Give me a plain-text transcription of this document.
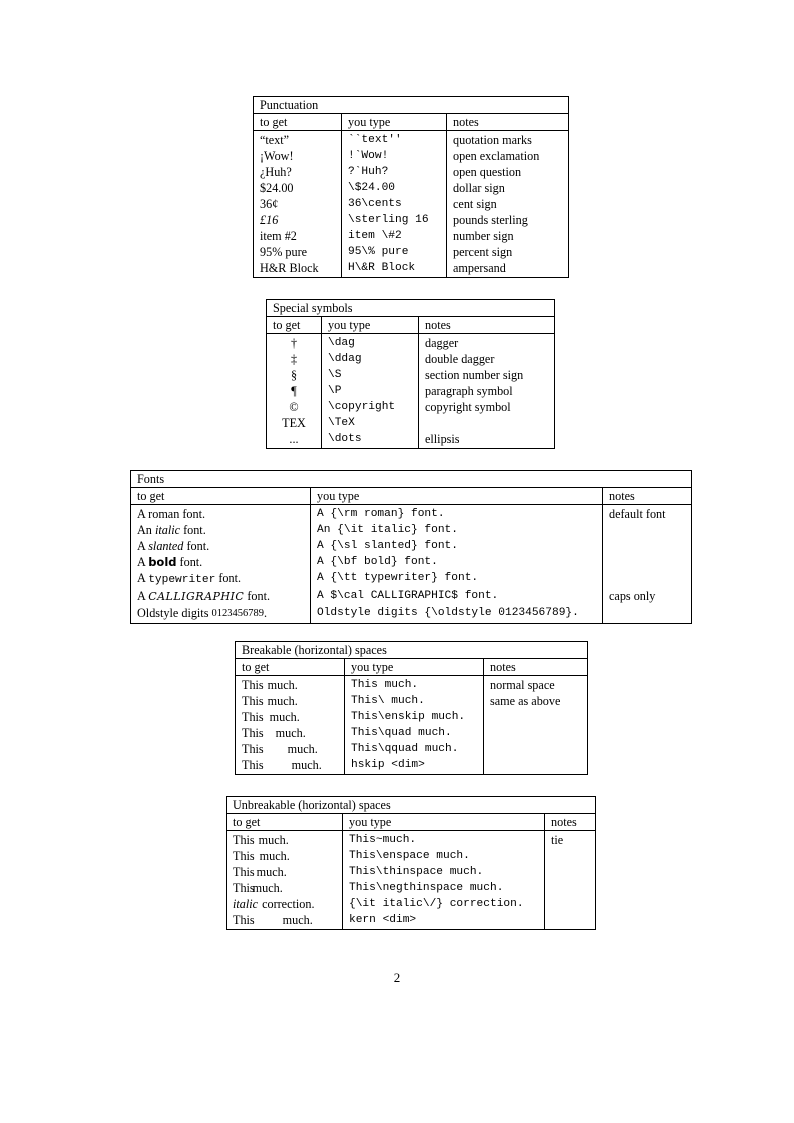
Punctuation		
to get	you type	notes
“text”	``text''	quotation marks
¡Wow!	!`Wow!	open exclamation
¿Huh?	?`Huh?	open question
$24.00	\$24.00	dollar sign
36¢	36\cents	cent sign
£16	\sterling 16	pounds sterling
item #2	item \#2	number sign
95% pure	95\% pure	percent sign
H&R Block	H\&R Block	ampersand
Special symbols		
to get	you type	notes
†	\dag	dagger
‡	\ddag	double dagger
§	\S	section number sign
¶	\P	paragraph symbol
©	\copyright	copyright symbol
TEX	\TeX	
...	\dots	ellipsis
Fonts		
to get	you type	notes
A roman font.	A {\rm roman} font.	default font
An italic font.	An {\it italic} font.	
A slanted font.	A {\sl slanted} font.	
A bold font.	A {\bf bold} font.	
A typewriter font.	A {\tt typewriter} font.	
A CALLIGRAPHIC font.	A $\cal CALLIGRAPHIC$ font.	caps only
Oldstyle digits 0123456789.	Oldstyle digits {\oldstyle 0123456789}.	
Breakable (horizontal) spaces		
to get	you type	notes
This much.	This much.	normal space
This much.	This\ much.	same as above
This much.	This\enskip much.	
This much.	This\quad much.	
This much.	This\qquad much.	
This much.	hskip <dim>	
Unbreakable (horizontal) spaces		
to get	you type	notes
This much.	This~much.	tie
This much.	This\enspace much.	
This much.	This\thinspace much.	
Thismuch.	This\negthinspace much.	
italic correction.	{\it italic\/} correction.	
This much.	kern <dim>	
2
